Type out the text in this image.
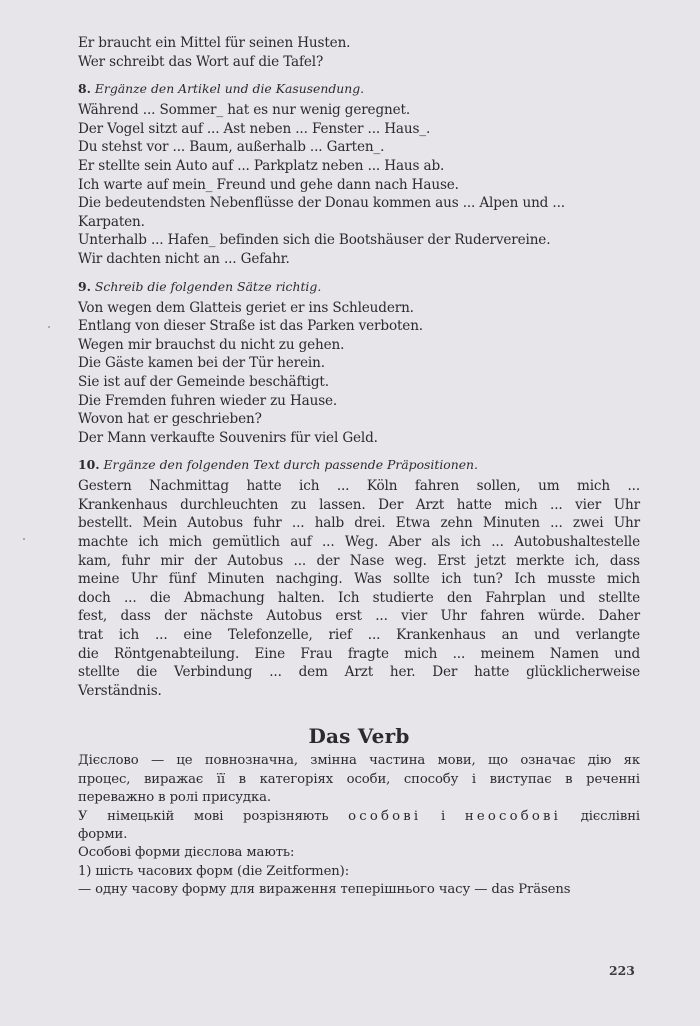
Er braucht ein Mittel für seinen Husten.
Wer schreibt das Wort auf die Tafel?
8. Ergänze den Artikel und die Kasusendung.
Während ... Sommer_ hat es nur wenig geregnet.
Der Vogel sitzt auf ... Ast neben ... Fenster ... Haus_.
Du stehst vor ... Baum, außerhalb ... Garten_.
Er stellte sein Auto auf ... Parkplatz neben ... Haus ab.
Ich warte auf mein_ Freund und gehe dann nach Hause.
Die bedeutendsten Nebenflüsse der Donau kommen aus ... Alpen und ...
Karpaten.
Unterhalb ... Hafen_ befinden sich die Bootshäuser der Rudervereine.
Wir dachten nicht an ... Gefahr.
9. Schreib die folgenden Sätze richtig.
Von wegen dem Glatteis geriet er ins Schleudern.
Entlang von dieser Straße ist das Parken verboten.
Wegen mir brauchst du nicht zu gehen.
Die Gäste kamen bei der Tür herein.
Sie ist auf der Gemeinde beschäftigt.
Die Fremden fuhren wieder zu Hause.
Wovon hat er geschrieben?
Der Mann verkaufte Souvenirs für viel Geld.
10. Ergänze den folgenden Text durch passende Präpositionen.
Gestern Nachmittag hatte ich ... Köln fahren sollen, um mich ...
Krankenhaus durchleuchten zu lassen. Der Arzt hatte mich ... vier Uhr
bestellt. Mein Autobus fuhr ... halb drei. Etwa zehn Minuten ... zwei Uhr
machte ich mich gemütlich auf ... Weg. Aber als ich ... Autobushaltestelle
kam, fuhr mir der Autobus ... der Nase weg. Erst jetzt merkte ich, dass
meine Uhr fünf Minuten nachging. Was sollte ich tun? Ich musste mich
doch ... die Abmachung halten. Ich studierte den Fahrplan und stellte
fest, dass der nächste Autobus erst ... vier Uhr fahren würde. Daher
trat ich ... eine Telefonzelle, rief ... Krankenhaus an und verlangte
die Röntgenabteilung. Eine Frau fragte mich ... meinem Namen und
stellte die Verbindung ... dem Arzt her. Der hatte glücklicherweise
Verständnis.
Das Verb
Дієслово — це повнозначна, змінна частина мови, що означає дію як
процес, виражає її в категоріях особи, способу і виступає в реченні
переважно в ролі присудка.
У німецькій мові розрізняють особові і неособові дієслівні
форми.
Особові форми дієслова мають:
1) шість часових форм (die Zeitformen):
— одну часову форму для вираження теперішнього часу — das Präsens
223
